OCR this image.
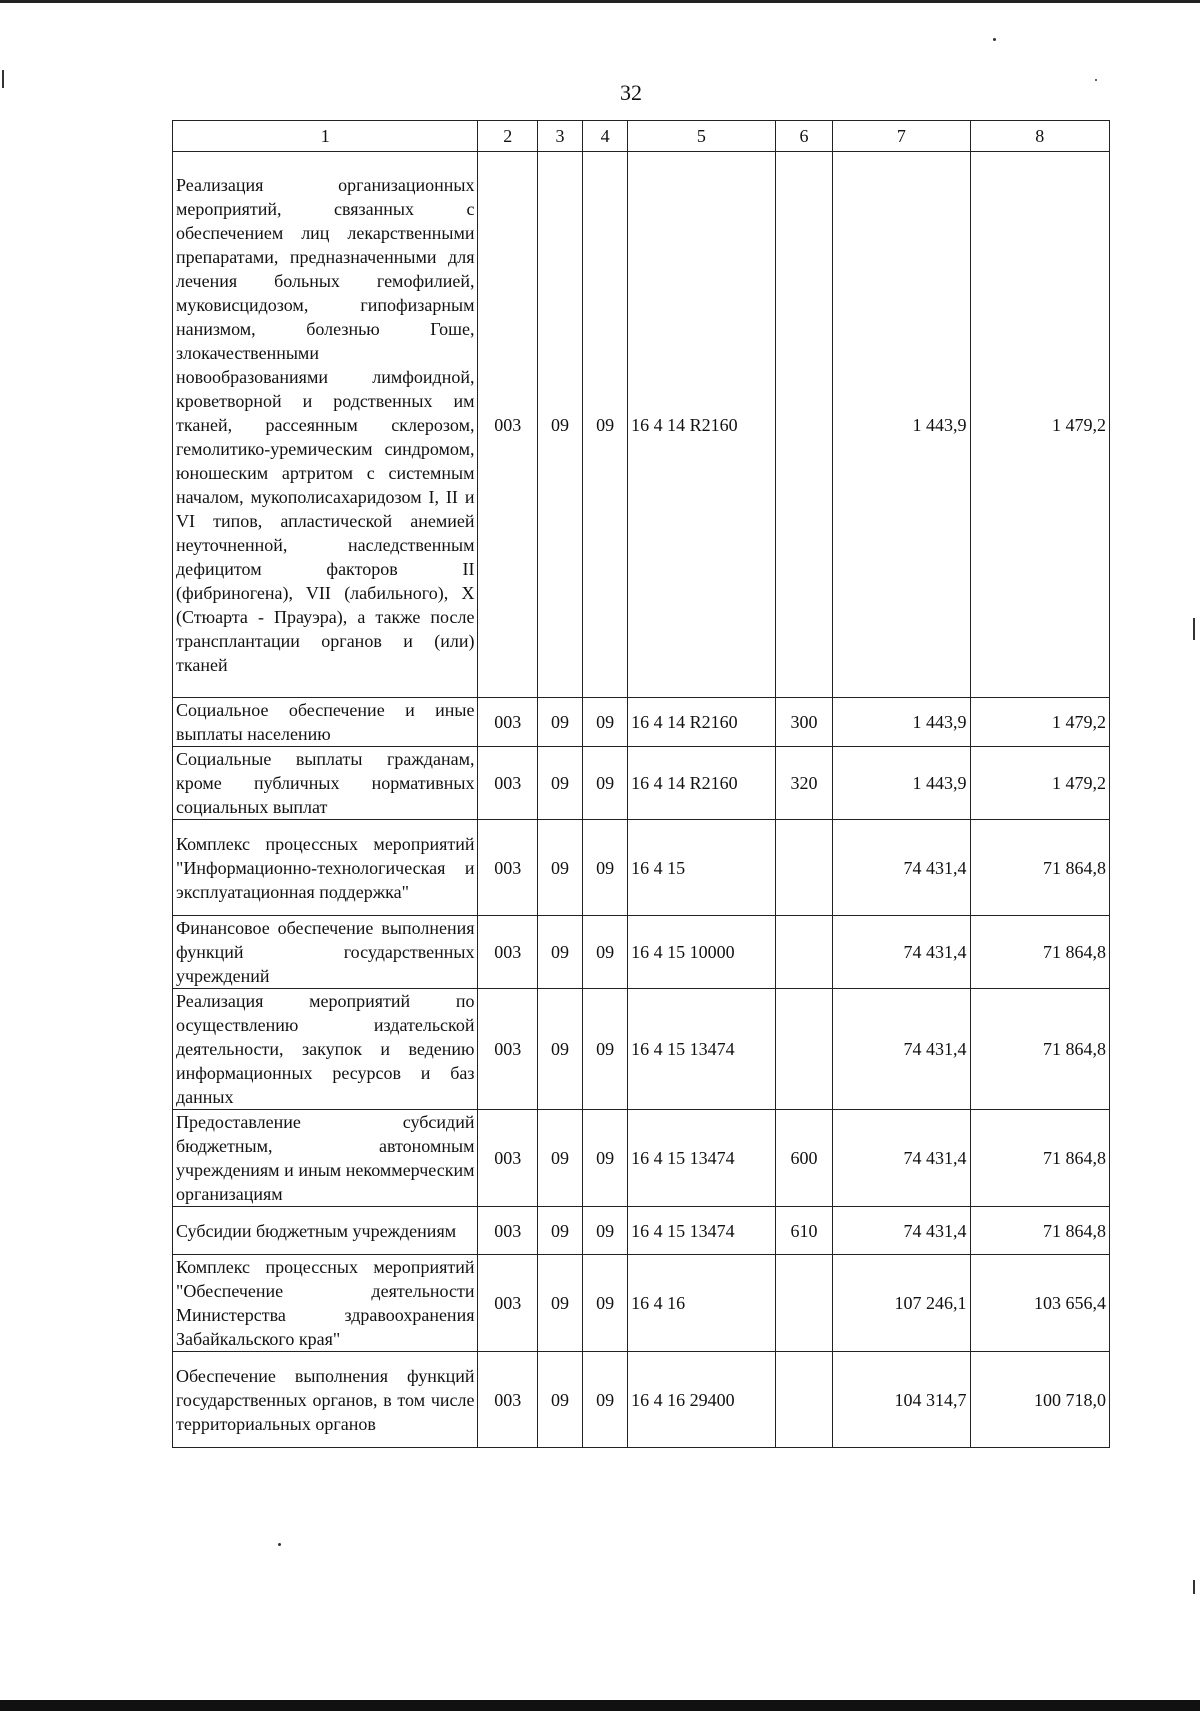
32
1	2	3	4	5	6	7	8
Реализация организационных мероприятий, связанных с обеспечением лиц лекарственными препаратами, предназначенными для лечения больных гемофилией, муковисцидозом, гипофизарным нанизмом, болезнью Гоше, злокачественными новообразованиями лимфоидной, кроветворной и родственных им тканей, рассеянным склерозом, гемолитико-уремическим синдромом, юношеским артритом с системным началом, мукополисахаридозом I, II и VI типов, апластической анемией неуточненной, наследственным дефицитом факторов II (фибриногена), VII (лабильного), X (Стюарта - Прауэра), а также после трансплантации органов и (или) тканей	003	09	09	16 4 14 R2160		1 443,9	1 479,2
Социальное обеспечение и иные выплаты населению	003	09	09	16 4 14 R2160	300	1 443,9	1 479,2
Социальные выплаты гражданам, кроме публичных нормативных социальных выплат	003	09	09	16 4 14 R2160	320	1 443,9	1 479,2
Комплекс процессных мероприятий "Информационно-технологическая и эксплуатационная поддержка"	003	09	09	16 4 15		74 431,4	71 864,8
Финансовое обеспечение выполнения функций государственных учреждений	003	09	09	16 4 15 10000		74 431,4	71 864,8
Реализация мероприятий по осуществлению издательской деятельности, закупок и ведению информационных ресурсов и баз данных	003	09	09	16 4 15 13474		74 431,4	71 864,8
Предоставление субсидий бюджетным, автономным учреждениям и иным некоммерческим организациям	003	09	09	16 4 15 13474	600	74 431,4	71 864,8
Субсидии бюджетным учреждениям	003	09	09	16 4 15 13474	610	74 431,4	71 864,8
Комплекс процессных мероприятий "Обеспечение деятельности Министерства здравоохранения Забайкальского края"	003	09	09	16 4 16		107 246,1	103 656,4
Обеспечение выполнения функций государственных органов, в том числе территориальных органов	003	09	09	16 4 16 29400		104 314,7	100 718,0
